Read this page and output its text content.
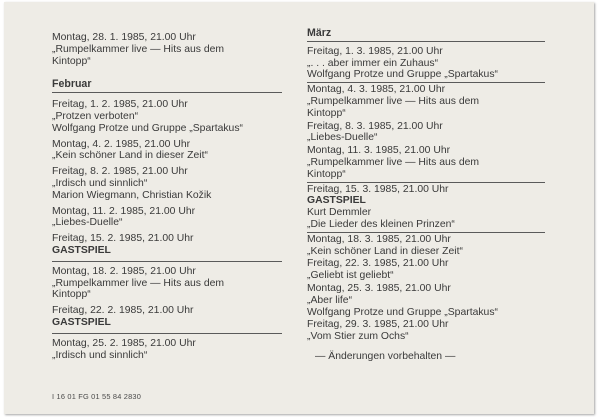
Montag, 28. 1. 1985, 21.00 Uhr
„Rumpelkammer live — Hits aus dem
Kintopp“
Februar
Freitag, 1. 2. 1985, 21.00 Uhr
„Protzen verboten“
Wolfgang Protze und Gruppe „Spartakus“
Montag, 4. 2. 1985, 21.00 Uhr
„Kein schöner Land in dieser Zeit“
Freitag, 8. 2. 1985, 21.00 Uhr
„Irdisch und sinnlich“
Marion Wiegmann, Christian Kožik
Montag, 11. 2. 1985, 21.00 Uhr
„Liebes-Duelle“
Freitag, 15. 2. 1985, 21.00 Uhr
GASTSPIEL
Montag, 18. 2. 1985, 21.00 Uhr
„Rumpelkammer live — Hits aus dem
Kintopp“
Freitag, 22. 2. 1985, 21.00 Uhr
GASTSPIEL
Montag, 25. 2. 1985, 21.00 Uhr
„Irdisch und sinnlich“
März
Freitag, 1. 3. 1985, 21.00 Uhr
„. . . aber immer ein Zuhaus“
Wolfgang Protze und Gruppe „Spartakus“
Montag, 4. 3. 1985, 21.00 Uhr
„Rumpelkammer live — Hits aus dem
Kintopp“
Freitag, 8. 3. 1985, 21.00 Uhr
„Liebes-Duelle“
Montag, 11. 3. 1985, 21.00 Uhr
„Rumpelkammer live — Hits aus dem
Kintopp“
Freitag, 15. 3. 1985, 21.00 Uhr
GASTSPIEL
Kurt Demmler
„Die Lieder des kleinen Prinzen“
Montag, 18. 3. 1985, 21.00 Uhr
„Kein schöner Land in dieser Zeit“
Freitag, 22. 3. 1985, 21.00 Uhr
„Geliebt ist geliebt“
Montag, 25. 3. 1985, 21.00 Uhr
„Aber life“
Wolfgang Protze und Gruppe „Spartakus“
Freitag, 29. 3. 1985, 21.00 Uhr
„Vom Stier zum Ochs“
— Änderungen vorbehalten —
I 16 01 FG 01 55 84 2830
